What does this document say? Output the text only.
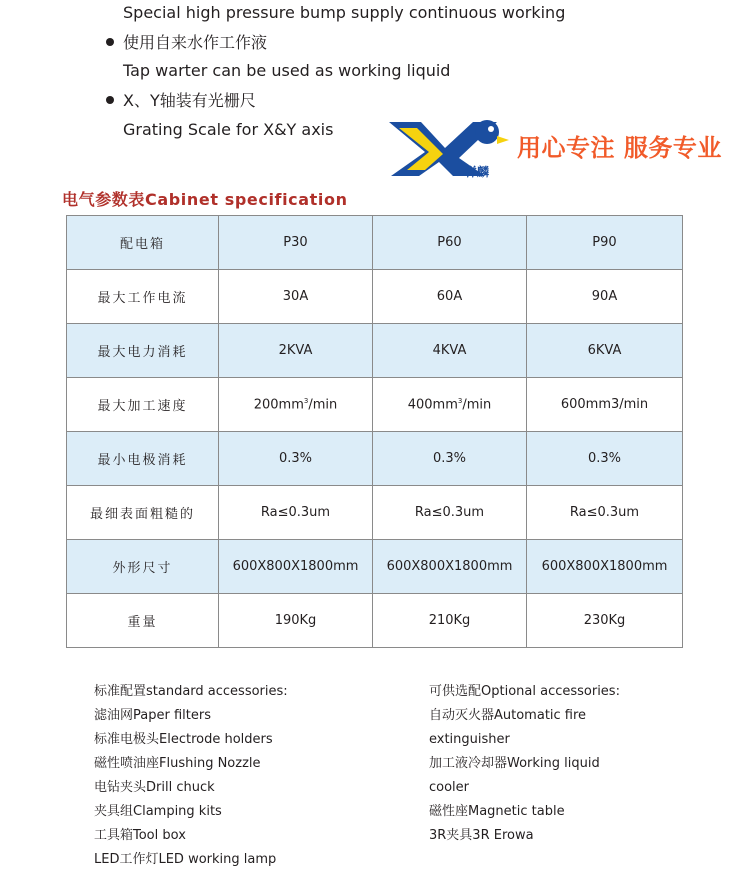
Special high pressure bump supply continuous working
使用自来水作工作液
Tap warter can be used as working liquid
X、Y轴装有光栅尺
Grating Scale for X&Y axis
祥麟
用心专注 服务专业
电气参数表Cabinet specification
配电箱	P30	P60	P90
最大工作电流	30A	60A	90A
最大电力消耗	2KVA	4KVA	6KVA
最大加工速度	$200mm^3/\min$	$400mm^3/\min$	600mm3/min
最小电极消耗	0.3%	0.3%	0.3%
最细表面粗糙的	Ra≤0.3um	Ra≤0.3um	Ra≤0.3um
外形尺寸	600X800X1800mm	600X800X1800mm	600X800X1800mm
重量	190Kg	210Kg	230Kg
标准配置standard accessories:
滤油网Paper filters
标准电极头Electrode holders
磁性喷油座Flushing Nozzle
电钻夹头Drill chuck
夹具组Clamping kits
工具箱Tool box
LED工作灯LED working lamp
可供选配Optional accessories:
自动灭火器Automatic fire
extinguisher
加工液冷却器Working liquid
cooler
磁性座Magnetic table
3R夹具3R Erowa
